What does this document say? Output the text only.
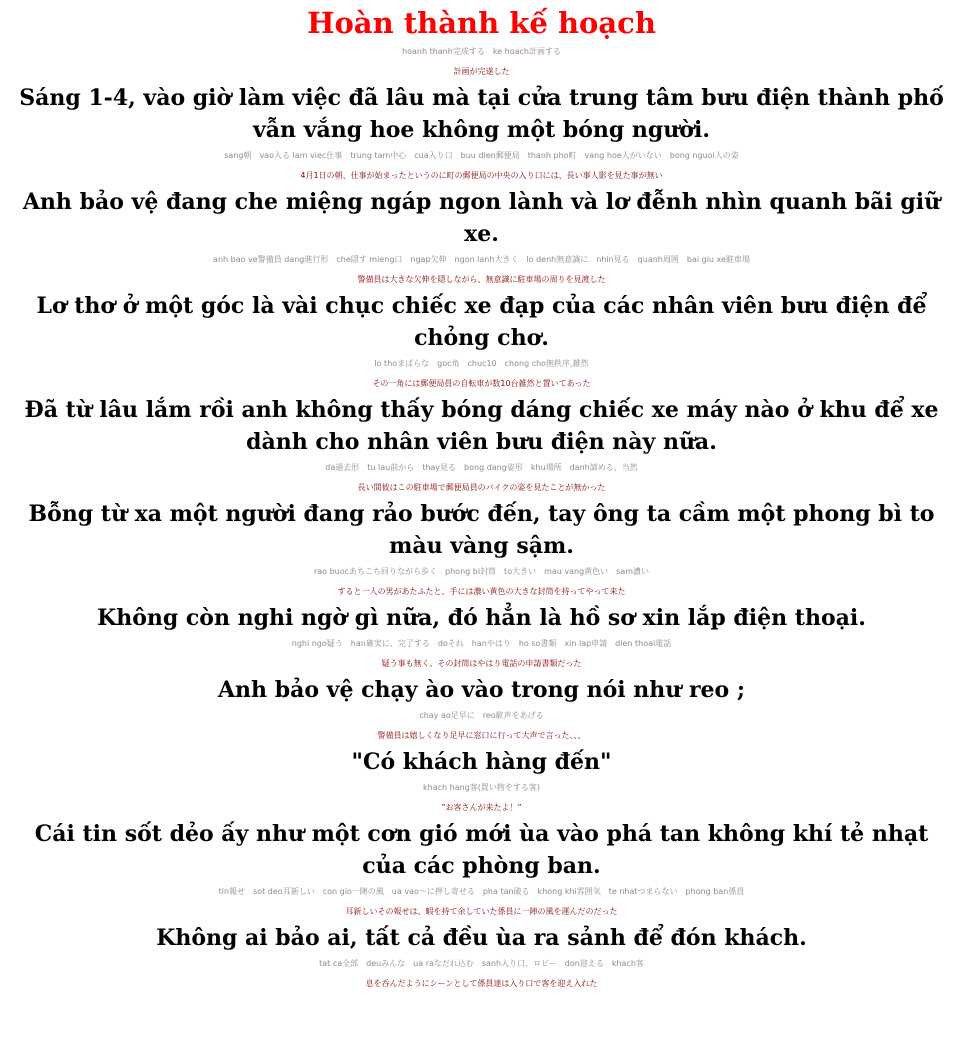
Hoàn thành kế hoạch
hoanh thanh完成する　ke hoach計画する
計画が完遂した
Sáng 1-4, vào giờ làm việc đã lâu mà tại cửa trung tâm bưu điện thành phố vẫn vắng hoe không một bóng người.
sang朝　vao入る lam viec仕事　trung tam中心　cua入り口　buu dien郵便局　thanh pho町　vang hoe人がいない　bong nguoi人の姿
4月1日の朝、仕事が始まったというのに町の郵便局の中央の入り口には、長い事人影を見た事が無い
Anh bảo vệ đang che miệng ngáp ngon lành và lơ đễnh nhìn quanh bãi giữ xe.
anh bao ve警備員 dang進行形　che隠す mieng口　ngap欠伸　ngon lanh大きく　lo denh無意識に　nhin見る　quanh周囲　bai giu xe駐車場
警備員は大きな欠伸を隠しながら、無意識に駐車場の周りを見渡した
Lơ thơ ở một góc là vài chục chiếc xe đạp của các nhân viên bưu điện để chỏng chơ.
lo thoまばらな　goc角　chuc10　chong cho無秩序,雑然
その一角には郵便局員の自転車が数10台雑然と置いてあった
Đã từ lâu lắm rồi anh không thấy bóng dáng chiếc xe máy nào ở khu để xe dành cho nhân viên bưu điện này nữa.
da過去形　tu lau前から　thay見る　bong dang姿形　khu場所　danh諦める、当然
長い間彼はこの駐車場で郵便局員のバイクの姿を見たことが無かった
Bỗng từ xa một người đang rảo bước đến, tay ông ta cầm một phong bì to màu vàng sậm.
rao buocあちこち回りながら歩く　phong bi封筒　to大きい　mau vang黄色い　sam濃い
すると一人の男があたふたと、手には濃い黄色の大きな封筒を持ってやって来た
Không còn nghi ngờ gì nữa, đó hẳn là hồ sơ xin lắp điện thoại.
nghi ngo疑う　han確実に、完了する　doそれ　hanやはり　ho so書類　xin lap申請　dien thoai電話
疑う事も無く、その封筒はやはり電話の申請書類だった
Anh bảo vệ chạy ào vào trong nói như reo ;
chay ao足早に　reo歓声をあげる
警備員は嬉しくなり足早に窓口に行って大声で言った、、、
"Có khách hàng đến"
khach hang客(買い物をする客)
”お客さんが来たよ！”
Cái tin sốt dẻo ấy như một cơn gió mới ùa vào phá tan không khí tẻ nhạt của các phòng ban.
tin報せ　sot deo耳新しい　con gio一陣の風　ua vao～に押し寄せる　pha tan破る　khong khi雰囲気　te nhatつまらない　phong ban係員
耳新しいその報せは、暇を持て余していた係員に一陣の風を運んだのだった
Không ai bảo ai, tất cả đều ùa ra sảnh để đón khách.
tat ca全部　deuみんな　ua raなだれ込む　sanh入り口、ロビー　don迎える　khach客
息を呑んだようにシーンとして係員達は入り口で客を迎え入れた
